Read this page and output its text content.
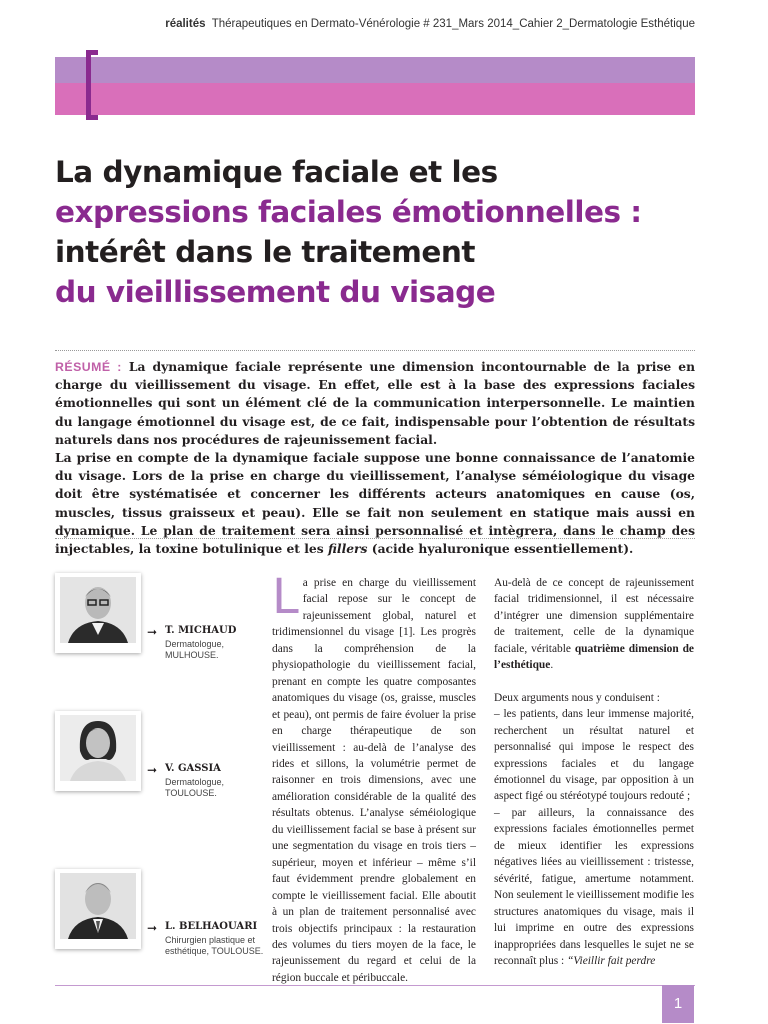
réalités Thérapeutiques en Dermato-Vénérologie # 231_Mars 2014_Cahier 2_Dermatologie Esthétique
La dynamique faciale et les
expressions faciales émotionnelles :
intérêt dans le traitement
du vieillissement du visage

RÉSUMÉ : La dynamique faciale représente une dimension incontournable de la prise en charge du vieillissement du visage. En effet, elle est à la base des expressions faciales émotionnelles qui sont un élément clé de la communication interpersonnelle. Le maintien du langage émotionnel du visage est, de ce fait, indispensable pour l’obtention de résultats naturels dans nos procédures de rajeunissement facial.

La prise en compte de la dynamique faciale suppose une bonne connaissance de l’anatomie du visage. Lors de la prise en charge du vieillissement, l’analyse séméiologique du visage doit être systématisée et concerner les différents acteurs anatomiques en cause (os, muscles, tissus graisseux et peau). Elle se fait non seulement en statique mais aussi en dynamique. Le plan de traitement sera ainsi personnalisé et intègrera, dans le champ des injectables, la toxine botulinique et les fillers (acide hyaluronique essentiellement).

➞ T. MICHAUD
Dermatologue,
MULHOUSE.
➞ V. GASSIA
Dermatologue,
TOULOUSE.
➞ L. BELHAOUARI
Chirurgien plastique et
esthétique, TOULOUSE.

La prise en charge du vieillissement facial repose sur le concept de rajeunissement global, naturel et tridimensionnel du visage [1]. Les progrès dans la compréhension de la physiopathologie du vieillissement facial, prenant en compte les quatre composantes anatomiques du visage (os, graisse, muscles et peau), ont permis de faire évoluer la prise en charge thérapeutique de son vieillissement : au-delà de l’analyse des rides et sillons, la volumétrie permet de raisonner en trois dimensions, avec une amélioration considérable de la qualité des résultats obtenus. L’analyse séméiologique du vieillissement facial se base à présent sur une segmentation du visage en trois tiers – supérieur, moyen et inférieur – même s’il faut évidemment prendre globalement en compte le vieillissement facial. Elle aboutit à un plan de traitement personnalisé avec trois objectifs principaux : la restauration des volumes du tiers moyen de la face, le rajeunissement du regard et celui de la région buccale et péribuccale.

Au-delà de ce concept de rajeunissement facial tridimensionnel, il est nécessaire d’intégrer une dimension supplémentaire de traitement, celle de la dynamique faciale, véritable quatrième dimension de l’esthétique.

Deux arguments nous y conduisent :

– les patients, dans leur immense majorité, recherchent un résultat naturel et personnalisé qui impose le respect des expressions faciales et du langage émotionnel du visage, par opposition à un aspect figé ou stéréotypé toujours redouté ;

– par ailleurs, la connaissance des expressions faciales émotionnelles permet de mieux identifier les expressions négatives liées au vieillissement : tristesse, sévérité, fatigue, amertume notamment. Non seulement le vieillissement modifie les structures anatomiques du visage, mais il lui imprime en outre des expressions inappropriées dans lesquelles le sujet ne se reconnaît plus : “Vieillir fait perdre

1
